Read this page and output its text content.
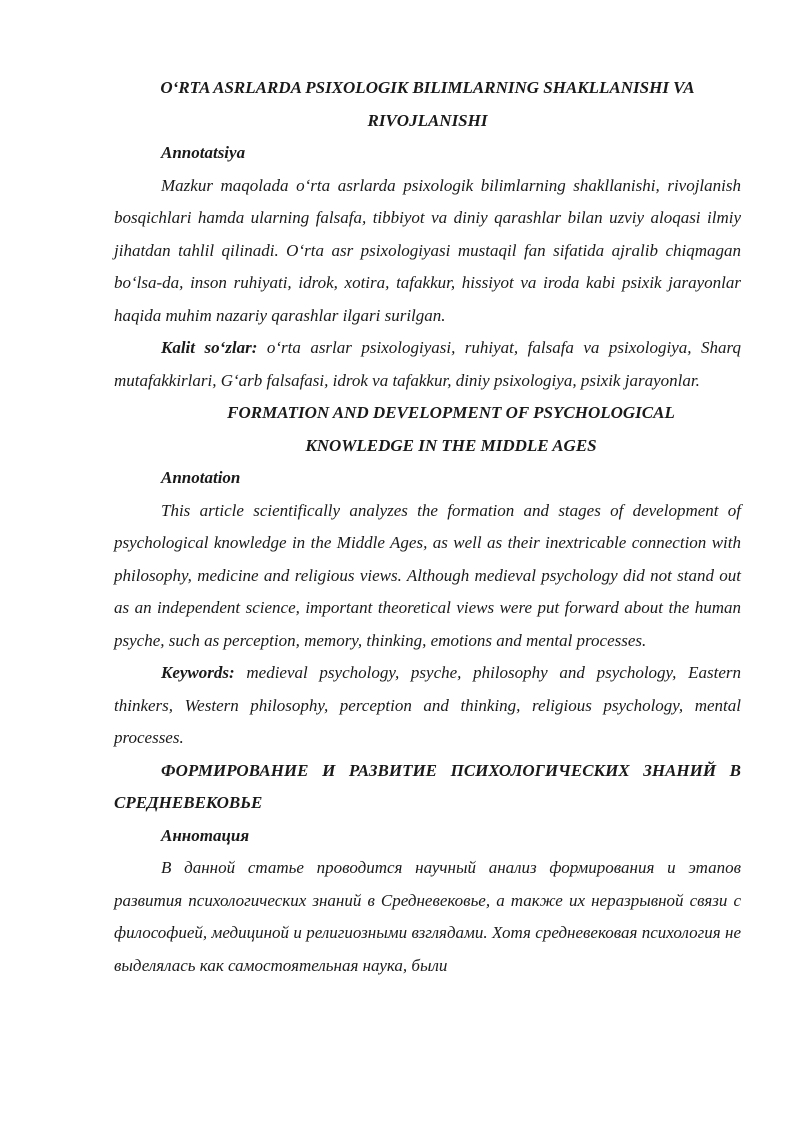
O‘RTA ASRLARDA PSIXOLOGIK BILIMLARNING SHAKLLANISHI VA
RIVOJLANISHI
Annotatsiya

Mazkur maqolada o‘rta asrlarda psixologik bilimlarning shakllanishi, rivojlanish bosqichlari hamda ularning falsafa, tibbiyot va diniy qarashlar bilan uzviy aloqasi ilmiy jihatdan tahlil qilinadi. O‘rta asr psixologiyasi mustaqil fan sifatida ajralib chiqmagan bo‘lsa-da, inson ruhiyati, idrok, xotira, tafakkur, hissiyot va iroda kabi psixik jarayonlar haqida muhim nazariy qarashlar ilgari surilgan.

Kalit so‘zlar: o‘rta asrlar psixologiyasi, ruhiyat, falsafa va psixologiya, Sharq mutafakkirlari, G‘arb falsafasi, idrok va tafakkur, diniy psixologiya, psixik jarayonlar.

FORMATION AND DEVELOPMENT OF PSYCHOLOGICAL
KNOWLEDGE IN THE MIDDLE AGES
Annotation

This article scientifically analyzes the formation and stages of development of psychological knowledge in the Middle Ages, as well as their inextricable connection with philosophy, medicine and religious views. Although medieval psychology did not stand out as an independent science, important theoretical views were put forward about the human psyche, such as perception, memory, thinking, emotions and mental processes.

Keywords: medieval psychology, psyche, philosophy and psychology, Eastern thinkers, Western philosophy, perception and thinking, religious psychology, mental processes.

ФОРМИРОВАНИЕ И РАЗВИТИЕ ПСИХОЛОГИЧЕСКИХ ЗНАНИЙ В СРЕДНЕВЕКОВЬЕ
Аннотация

В данной статье проводится научный анализ формирования и этапов развития психологических знаний в Средневековье, а также их неразрывной связи с философией, медициной и религиозными взглядами. Хотя средневековая психология не выделялась как самостоятельная наука, были
